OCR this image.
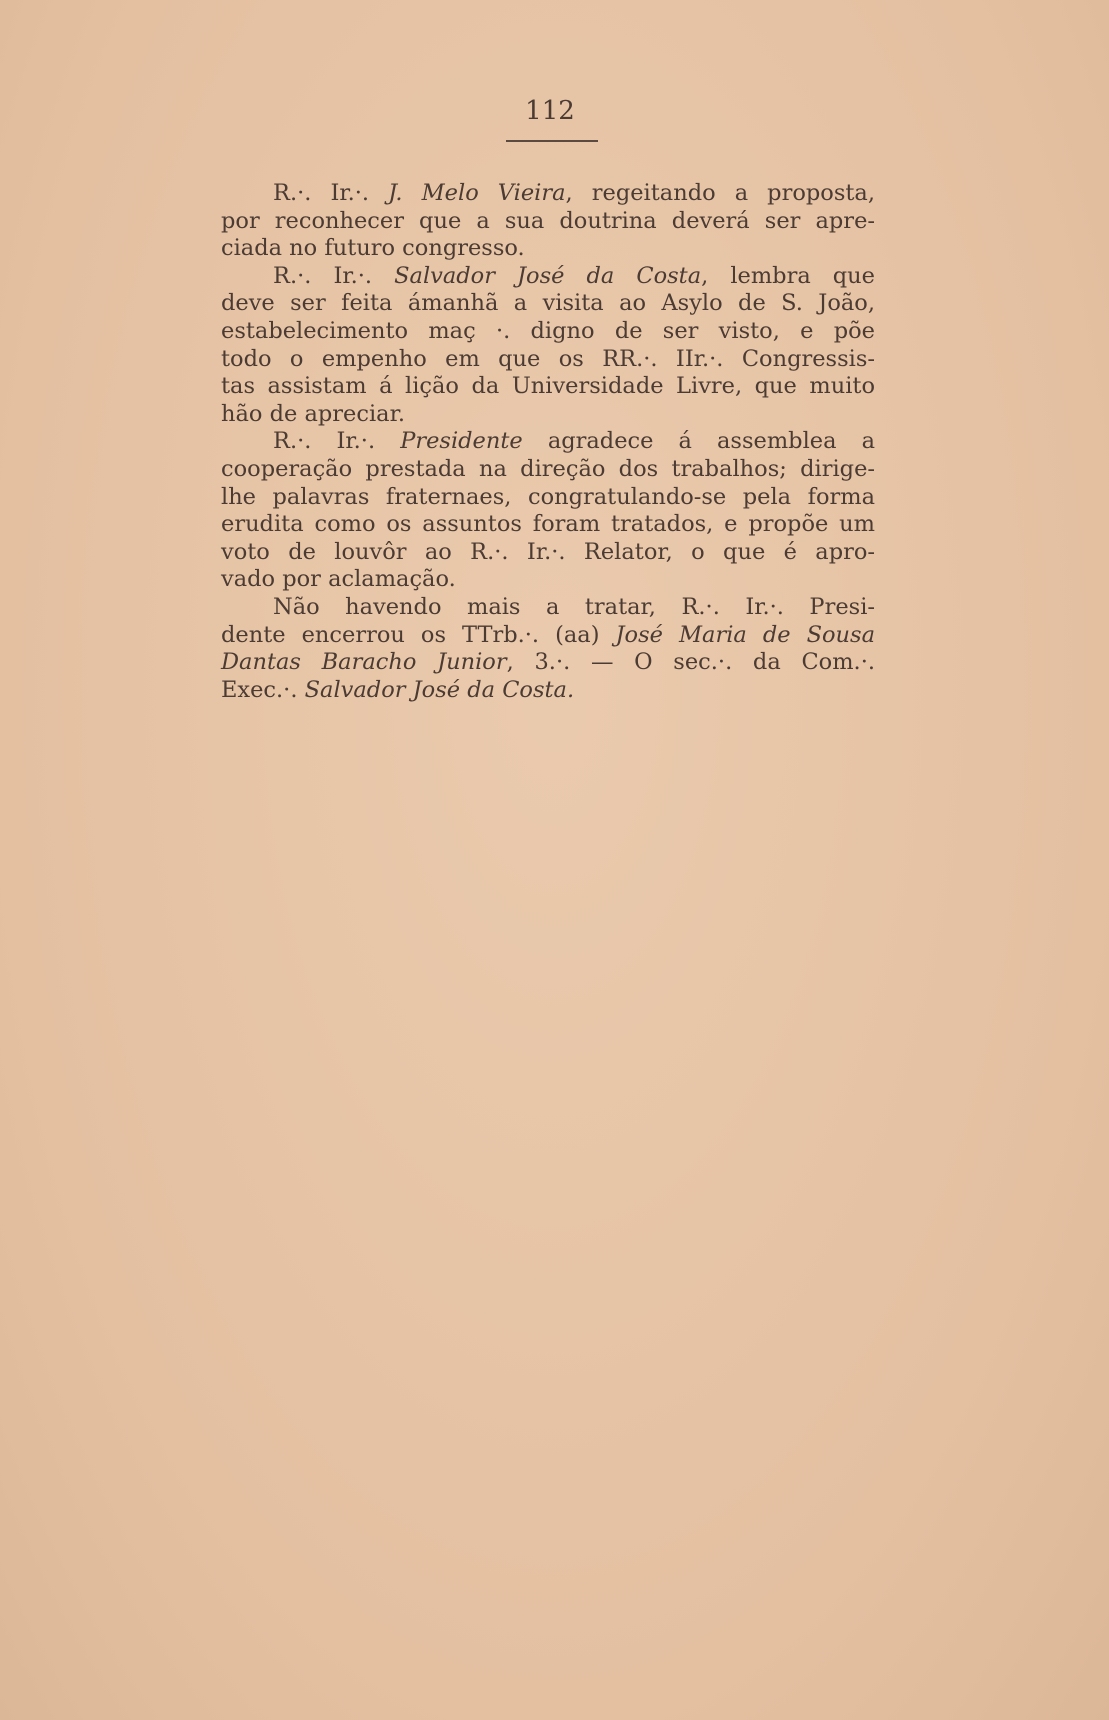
112
R.·. Ir.·. J. Melo Vieira, regeitando a proposta,
por reconhecer que a sua doutrina deverá ser apre-
ciada no futuro congresso.
R.·. Ir.·. Salvador José da Costa, lembra que
deve ser feita ámanhã a visita ao Asylo de S. João,
estabelecimento maç ·. digno de ser visto, e põe
todo o empenho em que os RR.·. IIr.·. Congressis-
tas assistam á lição da Universidade Livre, que muito
hão de apreciar.
R.·. Ir.·. Presidente agradece á assemblea a
cooperação prestada na direção dos trabalhos; dirige-
lhe palavras fraternaes, congratulando-se pela forma
erudita como os assuntos foram tratados, e propõe um
voto de louvôr ao R.·. Ir.·. Relator, o que é apro-
vado por aclamação.
Não havendo mais a tratar, R.·. Ir.·. Presi-
dente encerrou os TTrb.·. (aa) José Maria de Sousa
Dantas Baracho Junior, 3.·. — O sec.·. da Com.·.
Exec.·. Salvador José da Costa.
